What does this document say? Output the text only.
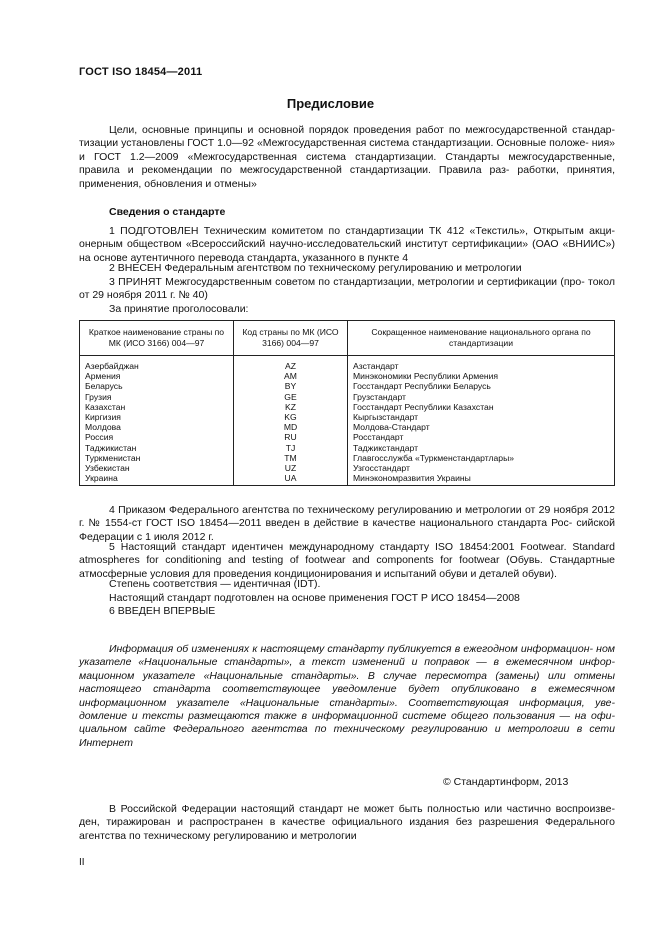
ГОСТ ISO 18454—2011
Предисловие
Цели, основные принципы и основной порядок проведения работ по межгосударственной стандар- тизации установлены ГОСТ 1.0—92 «Межгосударственная система стандартизации. Основные положе- ния» и ГОСТ 1.2—2009 «Межгосударственная система стандартизации. Стандарты межгосударственные, правила и рекомендации по межгосударственной стандартизации. Правила раз- работки, принятия, применения, обновления и отмены»
Сведения о стандарте
1 ПОДГОТОВЛЕН Техническим комитетом по стандартизации ТК 412 «Текстиль», Открытым акци- онерным обществом «Всероссийский научно-исследовательский институт сертификации» (ОАО «ВНИИС») на основе аутентичного перевода стандарта, указанного в пункте 4
2 ВНЕСЕН Федеральным агентством по техническому регулированию и метрологии
3 ПРИНЯТ Межгосударственным советом по стандартизации, метрологии и сертификации (про- токол от 29 ноября 2011 г. № 40)
За принятие проголосовали:
Краткое наименование страны по МК (ИСО 3166) 004—97	Код страны по МК (ИСО 3166) 004—97	Сокращенное наименование национального органа по стандартизации
Азербайджан	AZ	Азстандарт
Армения	AM	Минэкономики Республики Армения
Беларусь	BY	Госстандарт Республики Беларусь
Грузия	GE	Грузстандарт
Казахстан	KZ	Госстандарт Республики Казахстан
Киргизия	KG	Кыргызстандарт
Молдова	MD	Молдова-Стандарт
Россия	RU	Росстандарт
Таджикистан	TJ	Таджикстандарт
Туркменистан	TM	Главгосслужба «Туркменстандартлары»
Узбекистан	UZ	Узгосстандарт
Украина	UA	Минэкономразвития Украины
4 Приказом Федерального агентства по техническому регулированию и метрологии от 29 ноября 2012 г. № 1554-ст ГОСТ ISO 18454—2011 введен в действие в качестве национального стандарта Рос- сийской Федерации с 1 июля 2012 г.
5 Настоящий стандарт идентичен международному стандарту ISO 18454:2001 Footwear. Standard atmospheres for conditioning and testing of footwear and components for footwear (Обувь. Стандартные атмосферные условия для проведения кондиционирования и испытаний обуви и деталей обуви).
Степень соответствия — идентичная (IDT).
Настоящий стандарт подготовлен на основе применения ГОСТ Р ИСО 18454—2008
6 ВВЕДЕН ВПЕРВЫЕ
Информация об изменениях к настоящему стандарту публикуется в ежегодном информацион- ном указателе «Национальные стандарты», а текст изменений и поправок — в ежемесячном инфор- мационном указателе «Национальные стандарты». В случае пересмотра (замены) или отмены настоящего стандарта соответствующее уведомление будет опубликовано в ежемесячном информационном указателе «Национальные стандарты». Соответствующая информация, уве- домление и тексты размещаются также в информационной системе общего пользования — на офи- циальном сайте Федерального агентства по техническому регулированию и метрологии в сети Интернет
© Стандартинформ, 2013
В Российской Федерации настоящий стандарт не может быть полностью или частично воспроизве- ден, тиражирован и распространен в качестве официального издания без разрешения Федерального агентства по техническому регулированию и метрологии
II
